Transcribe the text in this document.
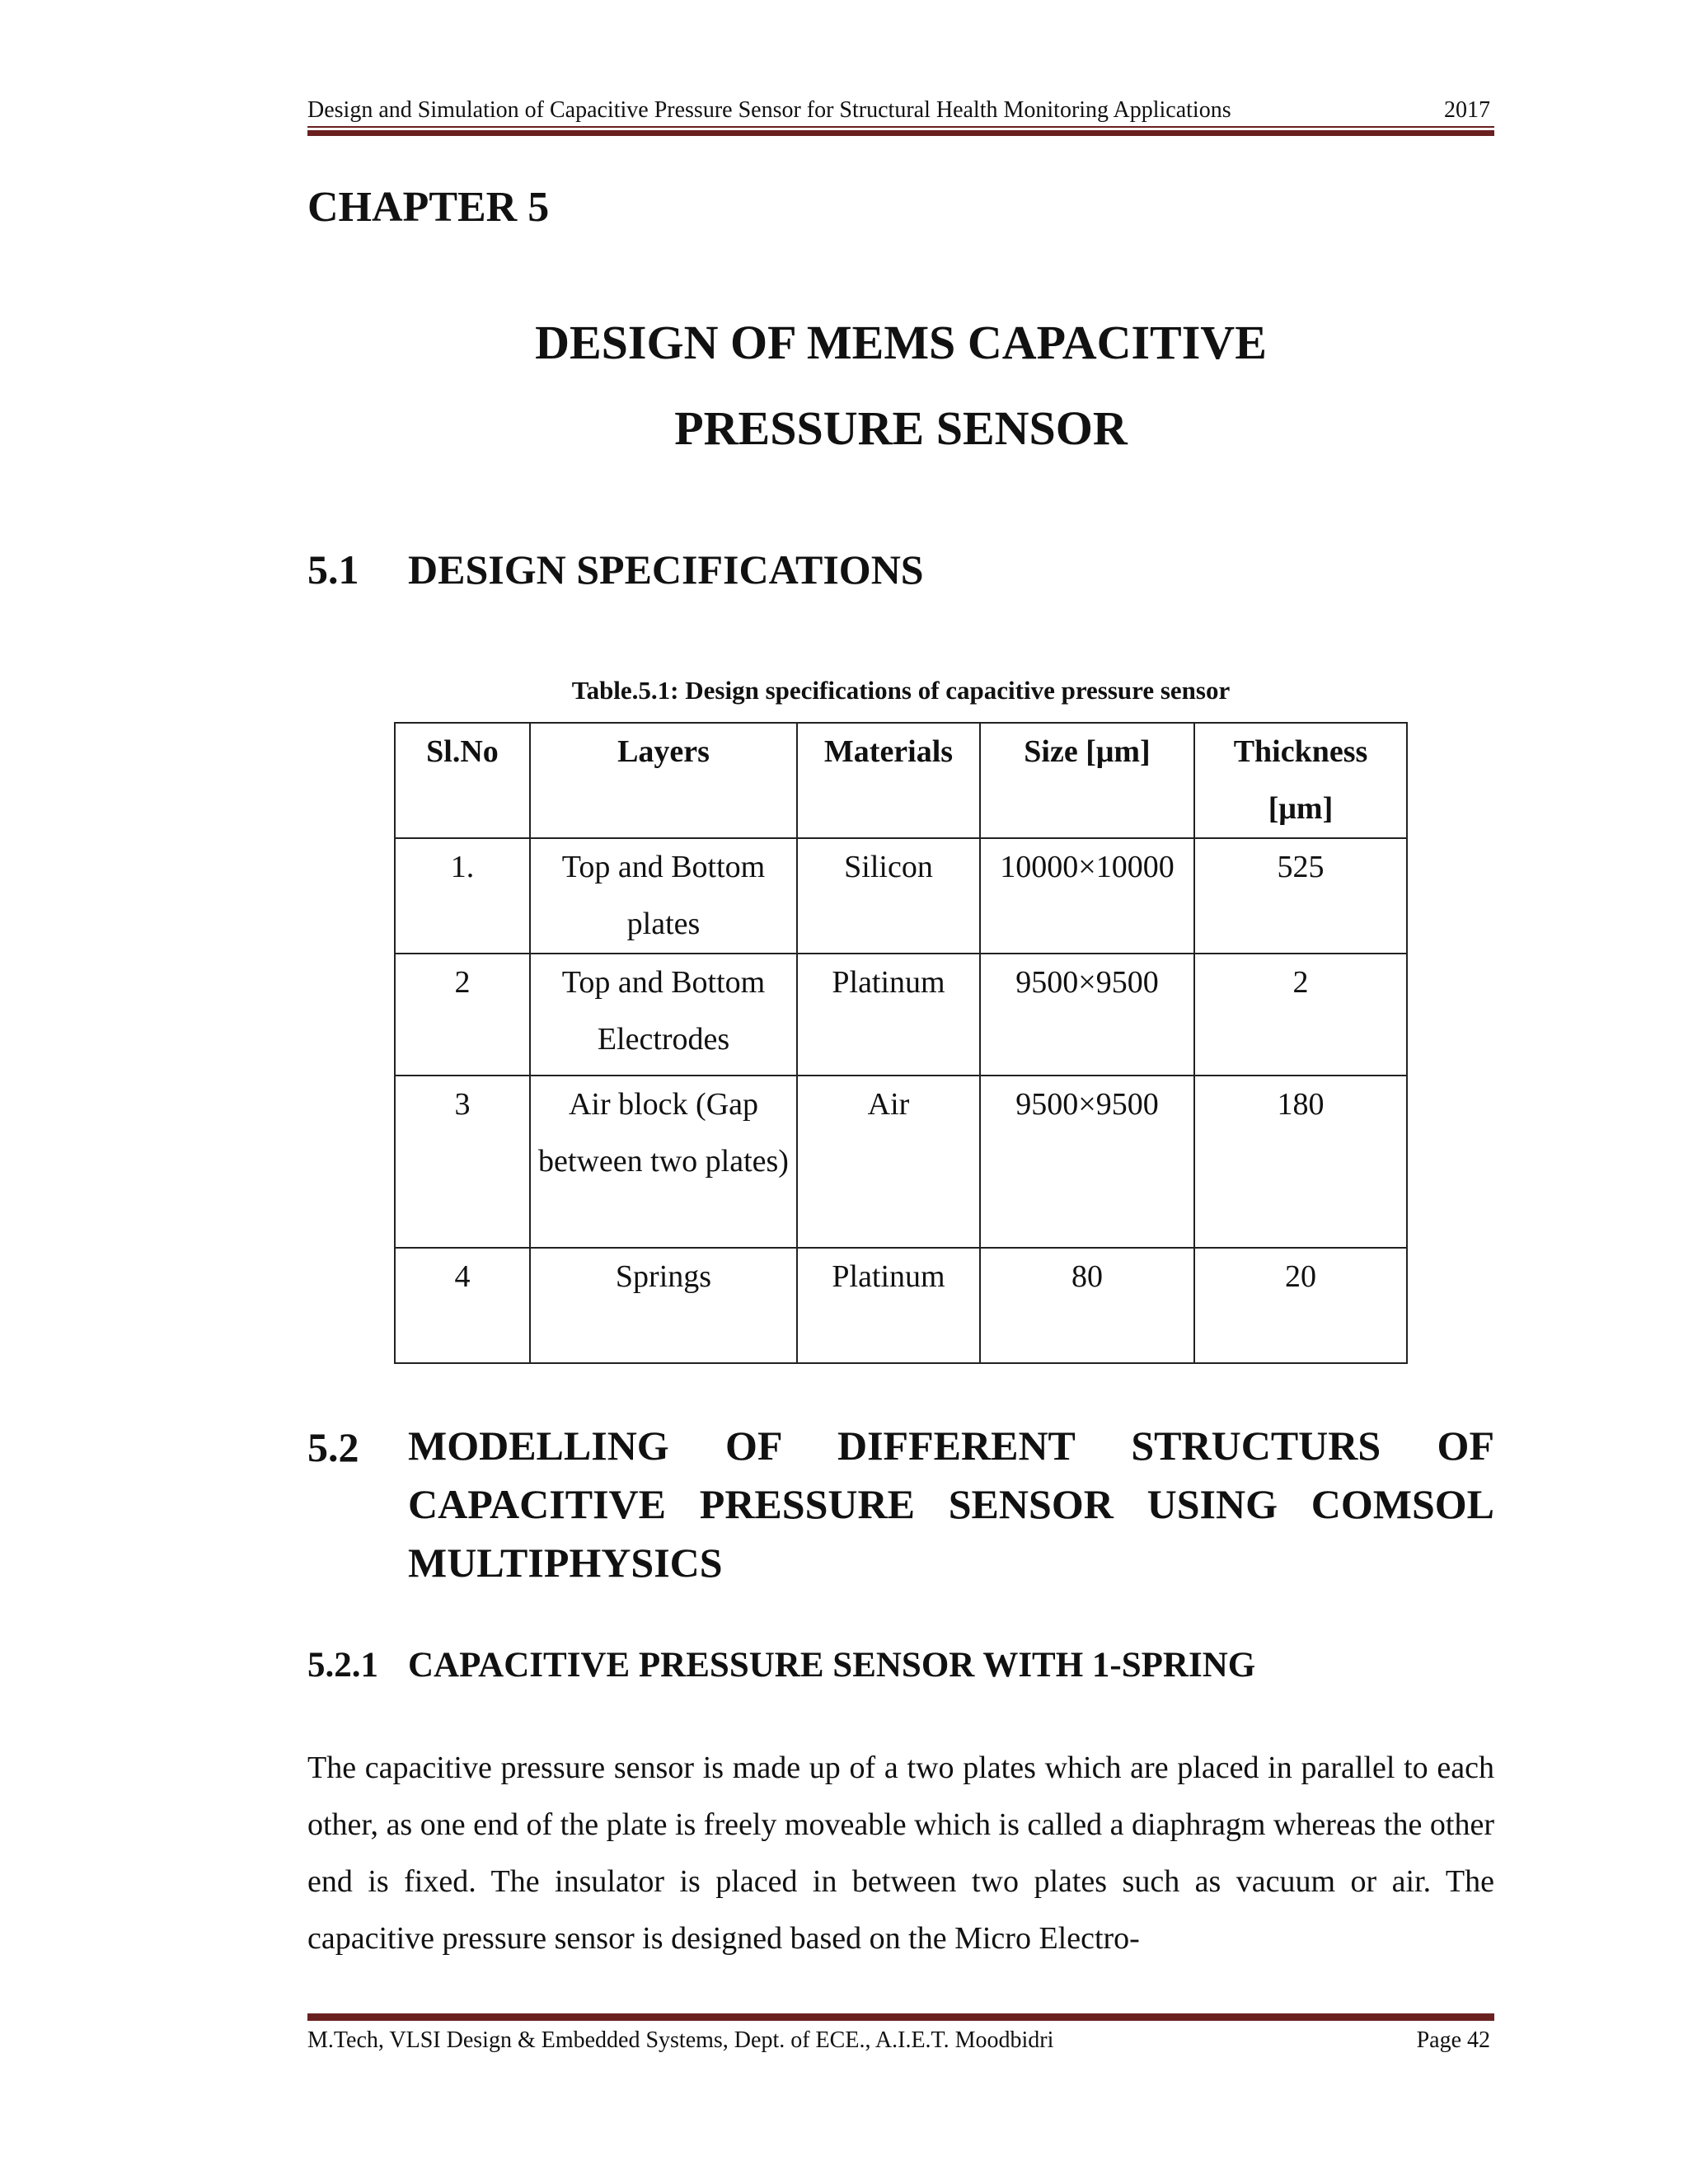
Design and Simulation of Capacitive Pressure Sensor for Structural Health Monitoring Applications	2017
CHAPTER 5
DESIGN OF MEMS CAPACITIVE
PRESSURE SENSOR
5.1 DESIGN SPECIFICATIONS
Table.5.1: Design specifications of capacitive pressure sensor
Sl.No	Layers	Materials	Size [μm]	Thickness [μm]
1.	Top and Bottom plates	Silicon	10000×10000	525
2	Top and Bottom Electrodes	Platinum	9500×9500	2
3	Air block (Gap between two plates)	Air	9500×9500	180
4	Springs	Platinum	80	20
5.2 MODELLING OF DIFFERENT STRUCTURS OF CAPACITIVE PRESSURE SENSOR USING COMSOL MULTIPHYSICS
5.2.1 CAPACITIVE PRESSURE SENSOR WITH 1-SPRING

The capacitive pressure sensor is made up of a two plates which are placed in parallel to each other, as one end of the plate is freely moveable which is called a diaphragm whereas the other end is fixed. The insulator is placed in between two plates such as vacuum or air. The capacitive pressure sensor is designed based on the Micro Electro-

M.Tech, VLSI Design & Embedded Systems, Dept. of ECE., A.I.E.T. Moodbidri	Page 42
